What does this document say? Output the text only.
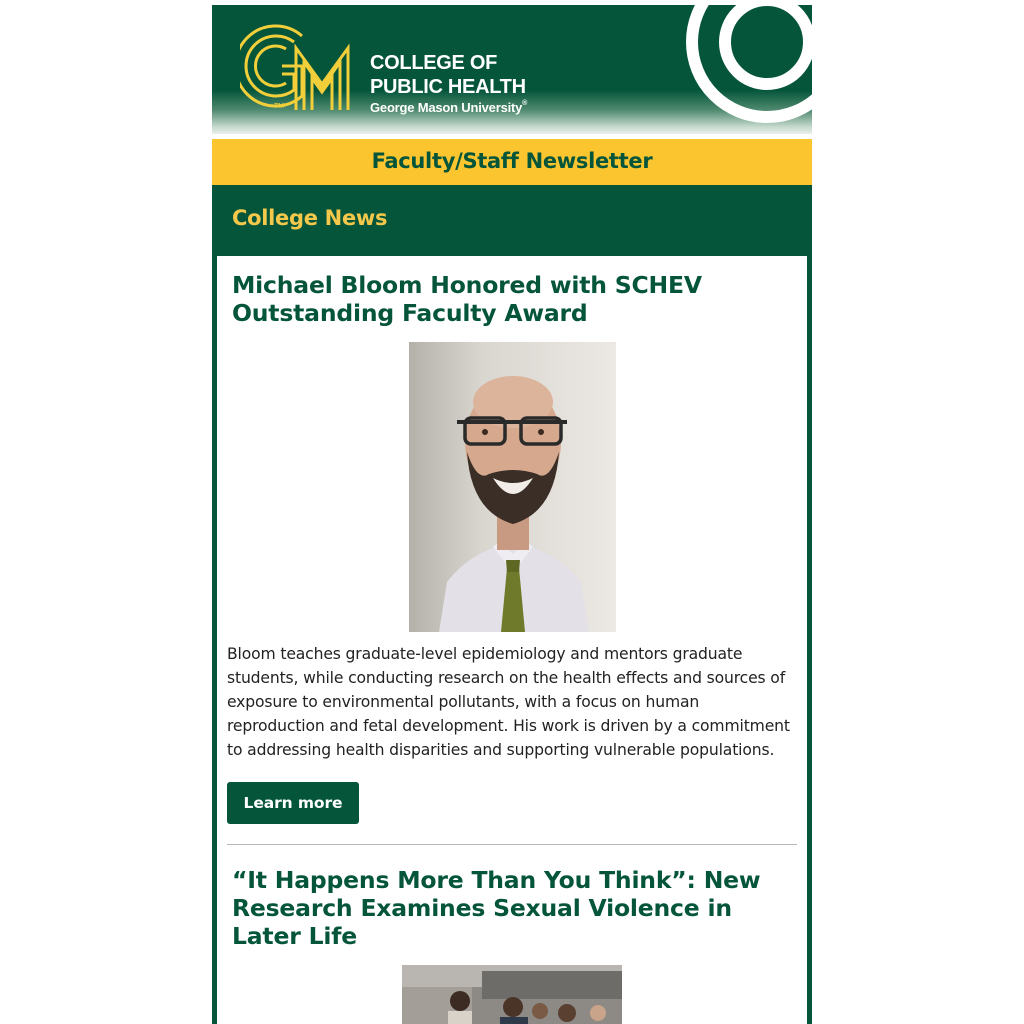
TM
COLLEGE OF
PUBLIC HEALTH
George Mason University®
Faculty/Staff Newsletter
College News
Michael Bloom Honored with SCHEV Outstanding Faculty Award

Bloom teaches graduate-level epidemiology and mentors graduate students, while conducting research on the health effects and sources of exposure to environmental pollutants, with a focus on human reproduction and fetal development. His work is driven by a commitment to addressing health disparities and supporting vulnerable populations.

Learn more
“It Happens More Than You Think”: New Research Examines Sexual Violence in Later Life
